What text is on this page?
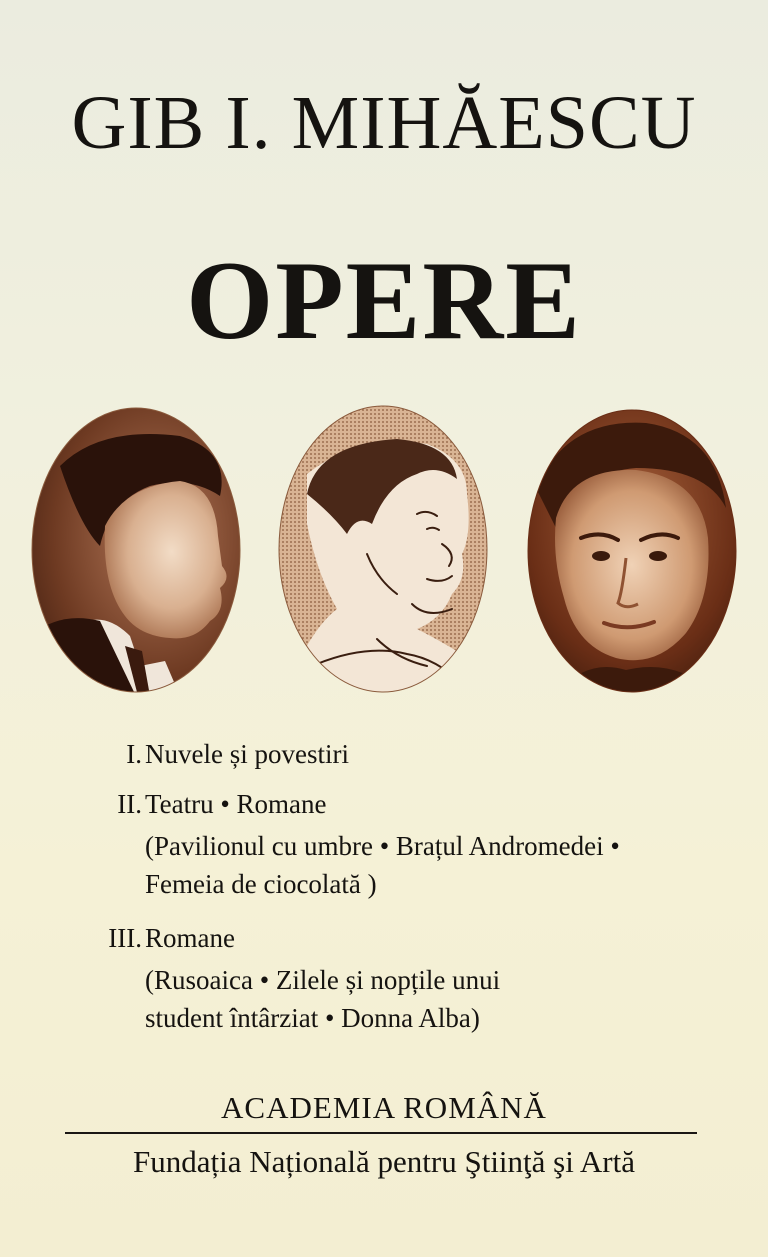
GIB I. MIHĂESCU
OPERE
I. Nuvele și povestiri
II. Teatru • Romane
(Pavilionul cu umbre • Brațul Andromedei •
Femeia de ciocolată )
III. Romane
(Rusoaica • Zilele și nopțile unui
student întârziat • Donna Alba)
ACADEMIA ROMÂNĂ
Fundația Națională pentru Ştiinţă şi Artă
